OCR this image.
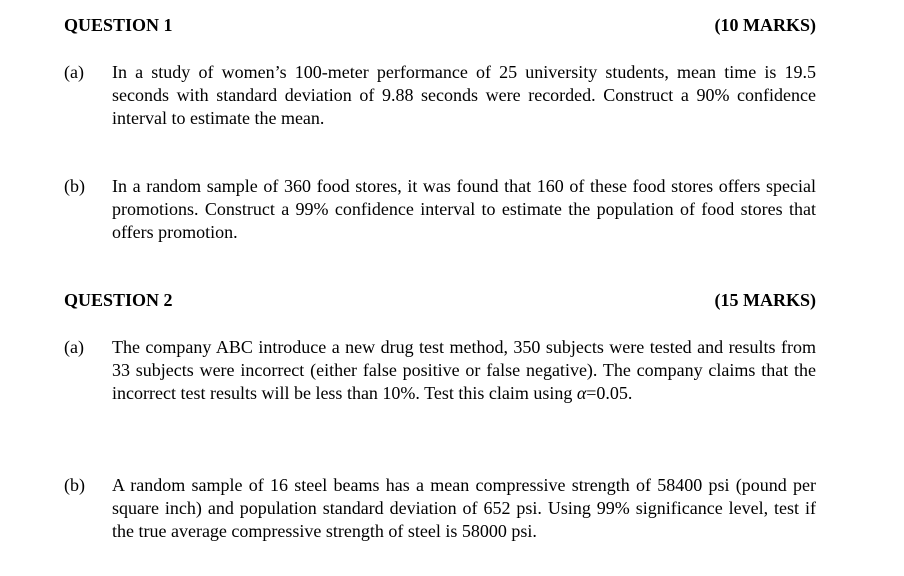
QUESTION 1	(10 MARKS)
(a) In a study of women’s 100-meter performance of 25 university students, mean time is 19.5 seconds with standard deviation of 9.88 seconds were recorded. Construct a 90% confidence interval to estimate the mean.
(b) In a random sample of 360 food stores, it was found that 160 of these food stores offers special promotions. Construct a 99% confidence interval to estimate the population of food stores that offers promotion.
QUESTION 2	(15 MARKS)
(a) The company ABC introduce a new drug test method, 350 subjects were tested and results from 33 subjects were incorrect (either false positive or false negative). The company claims that the incorrect test results will be less than 10%. Test this claim using α=0.05.
(b) A random sample of 16 steel beams has a mean compressive strength of 58400 psi (pound per square inch) and population standard deviation of 652 psi. Using 99% significance level, test if the true average compressive strength of steel is 58000 psi.
